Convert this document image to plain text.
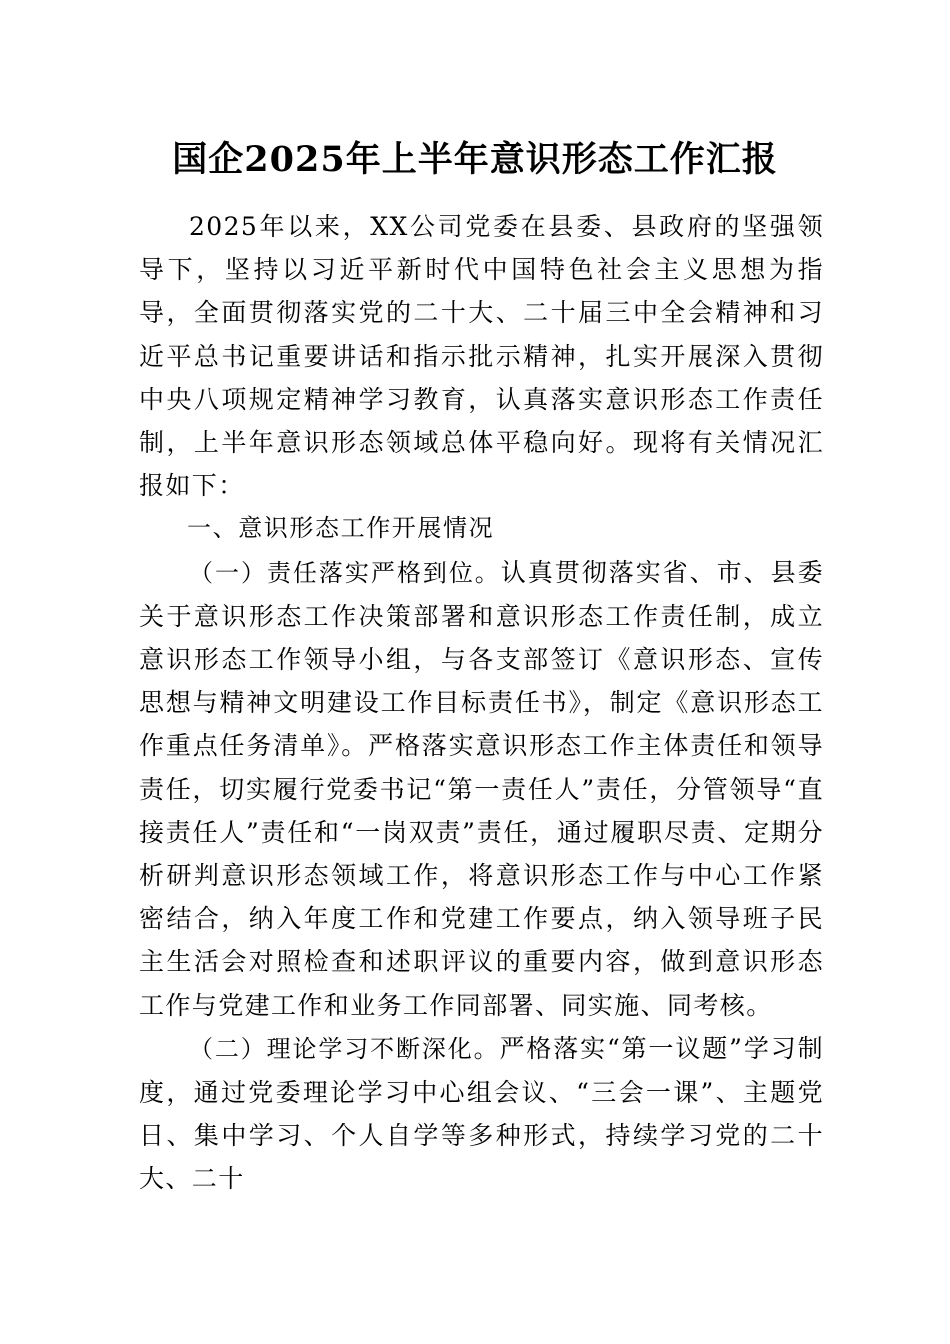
国企2025年上半年意识形态工作汇报

2025年以来，XX公司党委在县委、县政府的坚强领导下，坚持以习近平新时代中国特色社会主义思想为指导，全面贯彻落实党的二十大、二十届三中全会精神和习近平总书记重要讲话和指示批示精神，扎实开展深入贯彻中央八项规定精神学习教育，认真落实意识形态工作责任制，上半年意识形态领域总体平稳向好。现将有关情况汇报如下：

一、意识形态工作开展情况

（一）责任落实严格到位。认真贯彻落实省、市、县委关于意识形态工作决策部署和意识形态工作责任制，成立意识形态工作领导小组，与各支部签订《意识形态、宣传思想与精神文明建设工作目标责任书》，制定《意识形态工作重点任务清单》。严格落实意识形态工作主体责任和领导责任，切实履行党委书记“第一责任人”责任，分管领导“直接责任人”责任和“一岗双责”责任，通过履职尽责、定期分析研判意识形态领域工作，将意识形态工作与中心工作紧密结合，纳入年度工作和党建工作要点，纳入领导班子民主生活会对照检查和述职评议的重要内容，做到意识形态工作与党建工作和业务工作同部署、同实施、同考核。

（二）理论学习不断深化。严格落实“第一议题”学习制度，通过党委理论学习中心组会议、“三会一课”、主题党日、集中学习、个人自学等多种形式，持续学习党的二十大、二十
